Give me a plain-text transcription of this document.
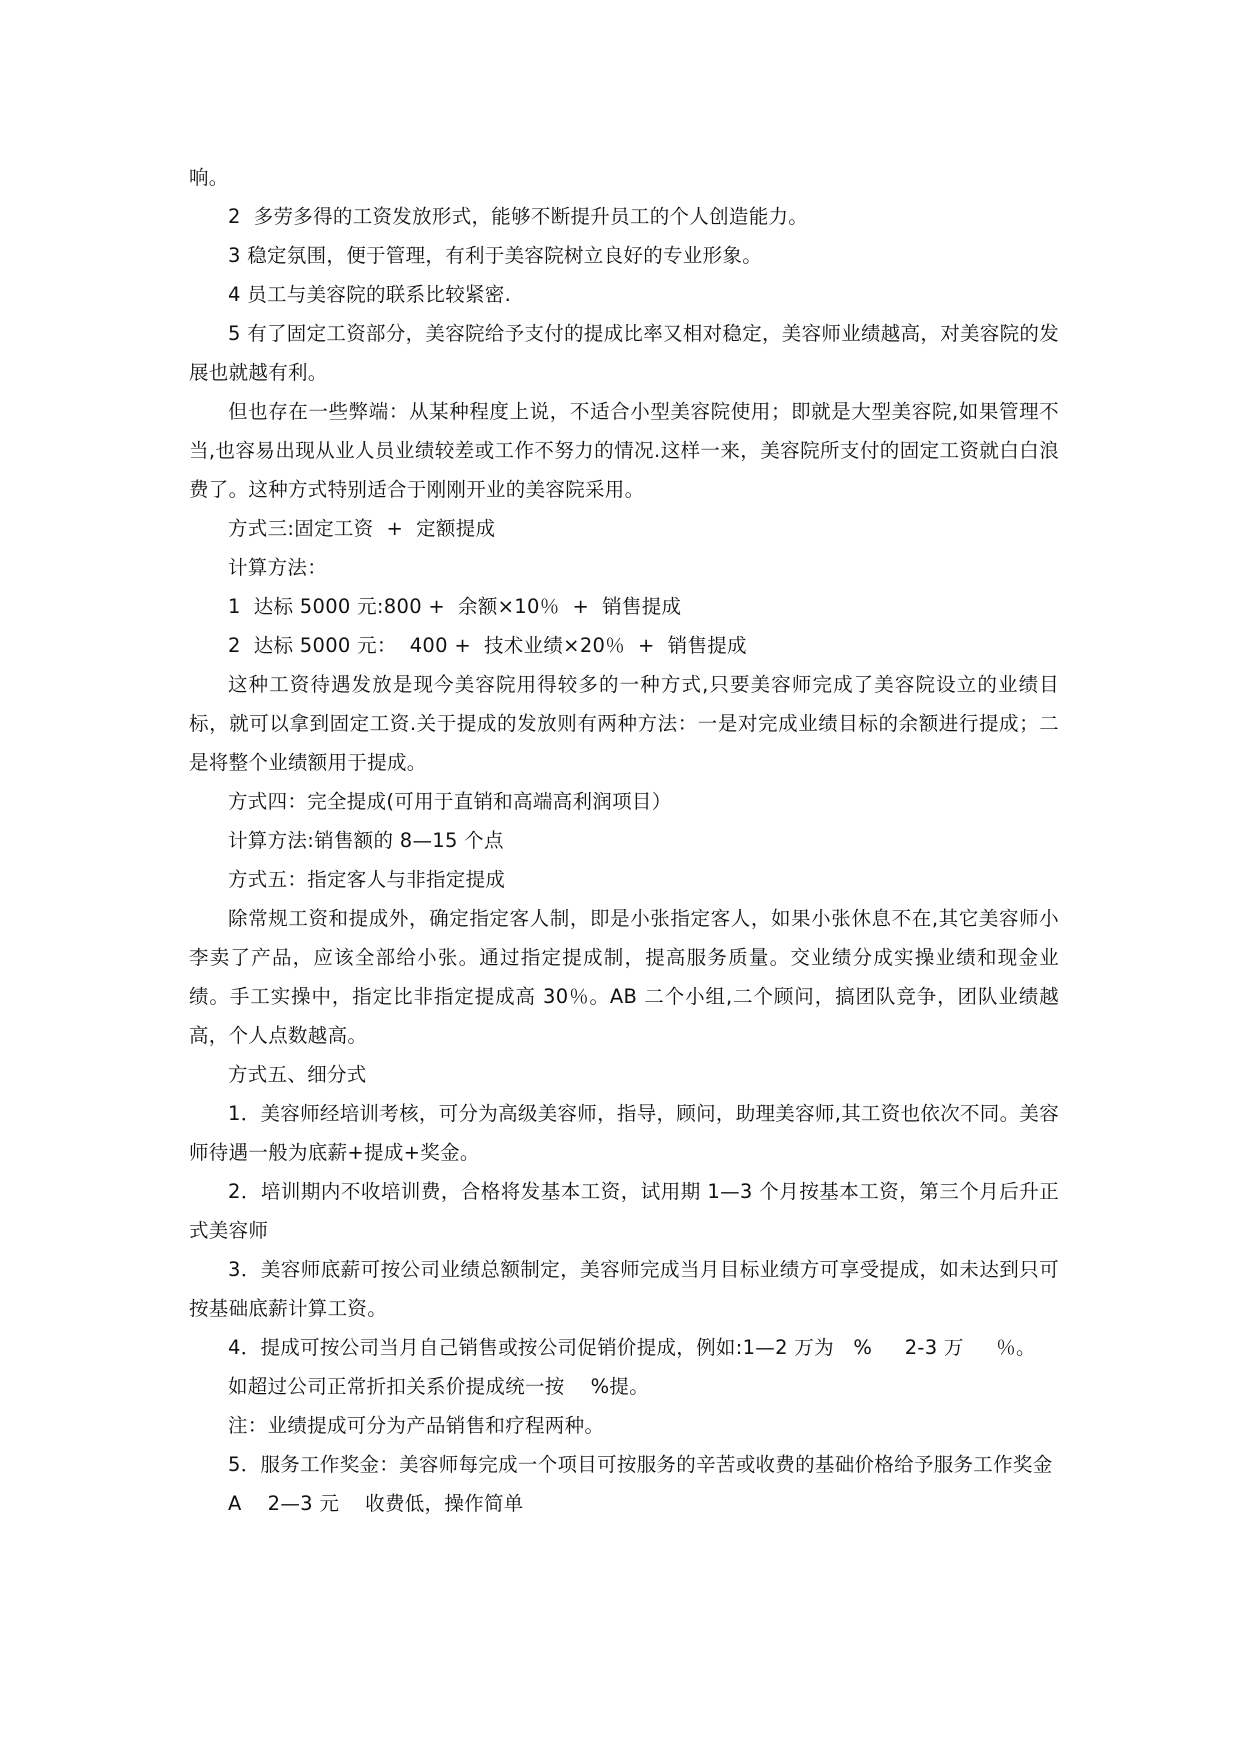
响。

2  多劳多得的工资发放形式，能够不断提升员工的个人创造能力。

3 稳定氛围，便于管理，有利于美容院树立良好的专业形象。

4 员工与美容院的联系比较紧密.

5 有了固定工资部分，美容院给予支付的提成比率又相对稳定，美容师业绩越高，对美容院的发展也就越有利。

但也存在一些弊端：从某种程度上说，不适合小型美容院使用；即就是大型美容院,如果管理不当,也容易出现从业人员业绩较差或工作不努力的情况.这样一来，美容院所支付的固定工资就白白浪费了。这种方式特别适合于刚刚开业的美容院采用。

方式三:固定工资  +  定额提成

计算方法：

1  达标 5000 元:800 +  余额×10％  +  销售提成

2  达标 5000 元：  400 +  技术业绩×20％  +  销售提成

这种工资待遇发放是现今美容院用得较多的一种方式,只要美容师完成了美容院设立的业绩目标，就可以拿到固定工资.关于提成的发放则有两种方法：一是对完成业绩目标的余额进行提成；二是将整个业绩额用于提成。

方式四：完全提成(可用于直销和高端高利润项目）

计算方法:销售额的 8—15 个点

方式五：指定客人与非指定提成

除常规工资和提成外，确定指定客人制，即是小张指定客人，如果小张休息不在,其它美容师小李卖了产品，应该全部给小张。通过指定提成制，提高服务质量。交业绩分成实操业绩和现金业绩。手工实操中，指定比非指定提成高 30％。AB 二个小组,二个顾问，搞团队竞争，团队业绩越高，个人点数越高。

方式五、细分式

1．美容师经培训考核，可分为高级美容师，指导，顾问，助理美容师,其工资也依次不同。美容师待遇一般为底薪+提成+奖金。

2．培训期内不收培训费，合格将发基本工资，试用期 1—3 个月按基本工资，第三个月后升正式美容师

3．美容师底薪可按公司业绩总额制定，美容师完成当月目标业绩方可享受提成，如未达到只可按基础底薪计算工资。

4．提成可按公司当月自己销售或按公司促销价提成，例如:1—2 万为   %     2-3 万     ％。

如超过公司正常折扣关系价提成统一按    %提。

注：业绩提成可分为产品销售和疗程两种。

5．服务工作奖金：美容师每完成一个项目可按服务的辛苦或收费的基础价格给予服务工作奖金

A    2—3 元    收费低，操作简单
